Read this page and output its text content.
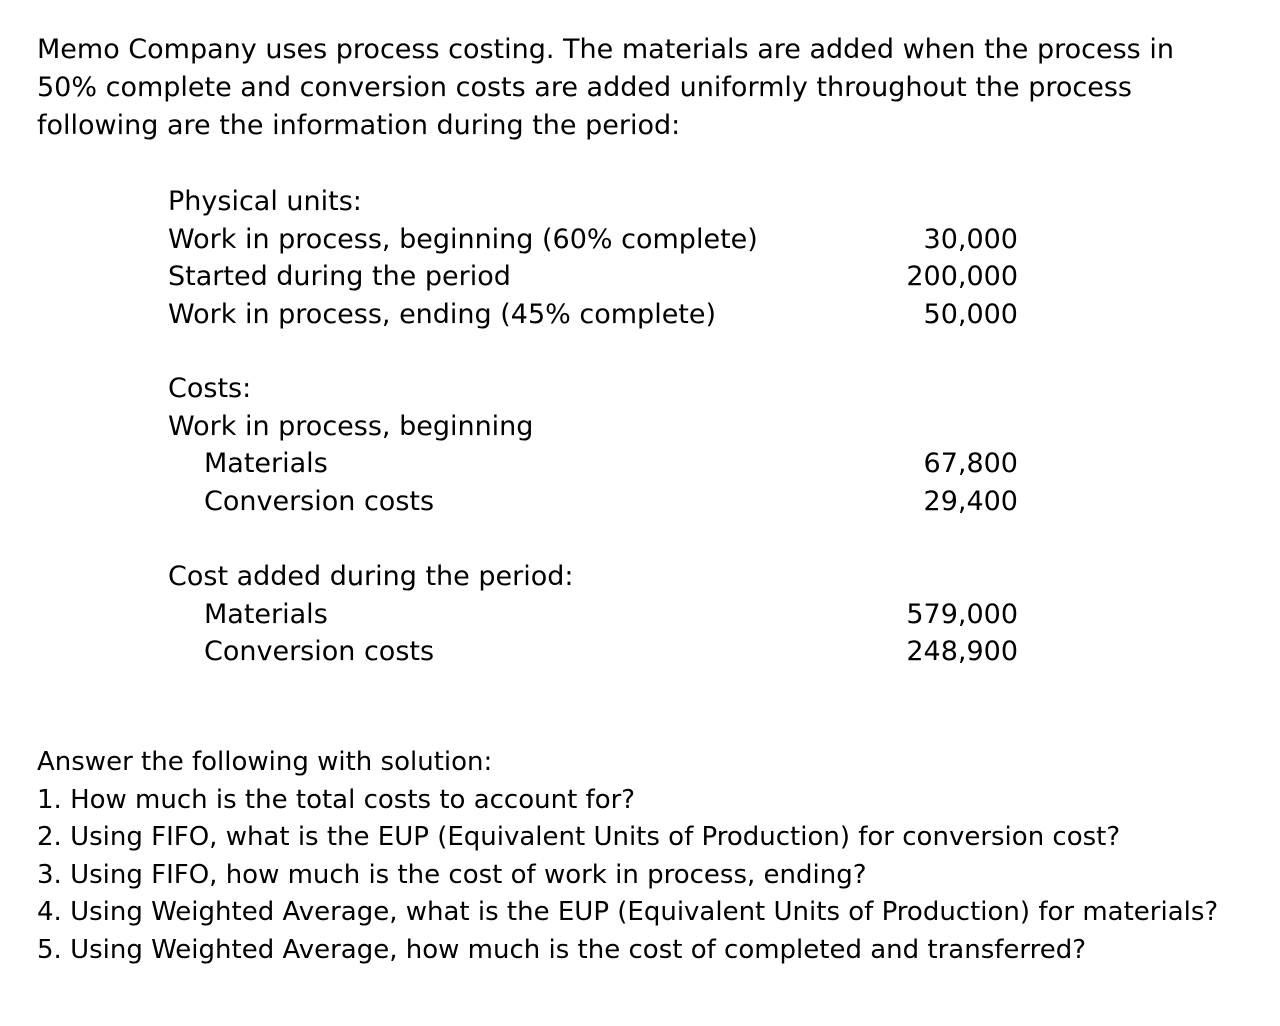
Memo Company uses process costing. The materials are added when the process in
50% complete and conversion costs are added uniformly throughout the process
following are the information during the period:
Physical units:
Work in process, beginning (60% complete)	30,000
Started during the period	200,000
Work in process, ending (45% complete)	50,000
Costs:
Work in process, beginning
Materials	67,800
Conversion costs	29,400
Cost added during the period:
Materials	579,000
Conversion costs	248,900
Answer the following with solution:
1. How much is the total costs to account for?
2. Using FIFO, what is the EUP (Equivalent Units of Production) for conversion cost?
3. Using FIFO, how much is the cost of work in process, ending?
4. Using Weighted Average, what is the EUP (Equivalent Units of Production) for materials?
5. Using Weighted Average, how much is the cost of completed and transferred?
